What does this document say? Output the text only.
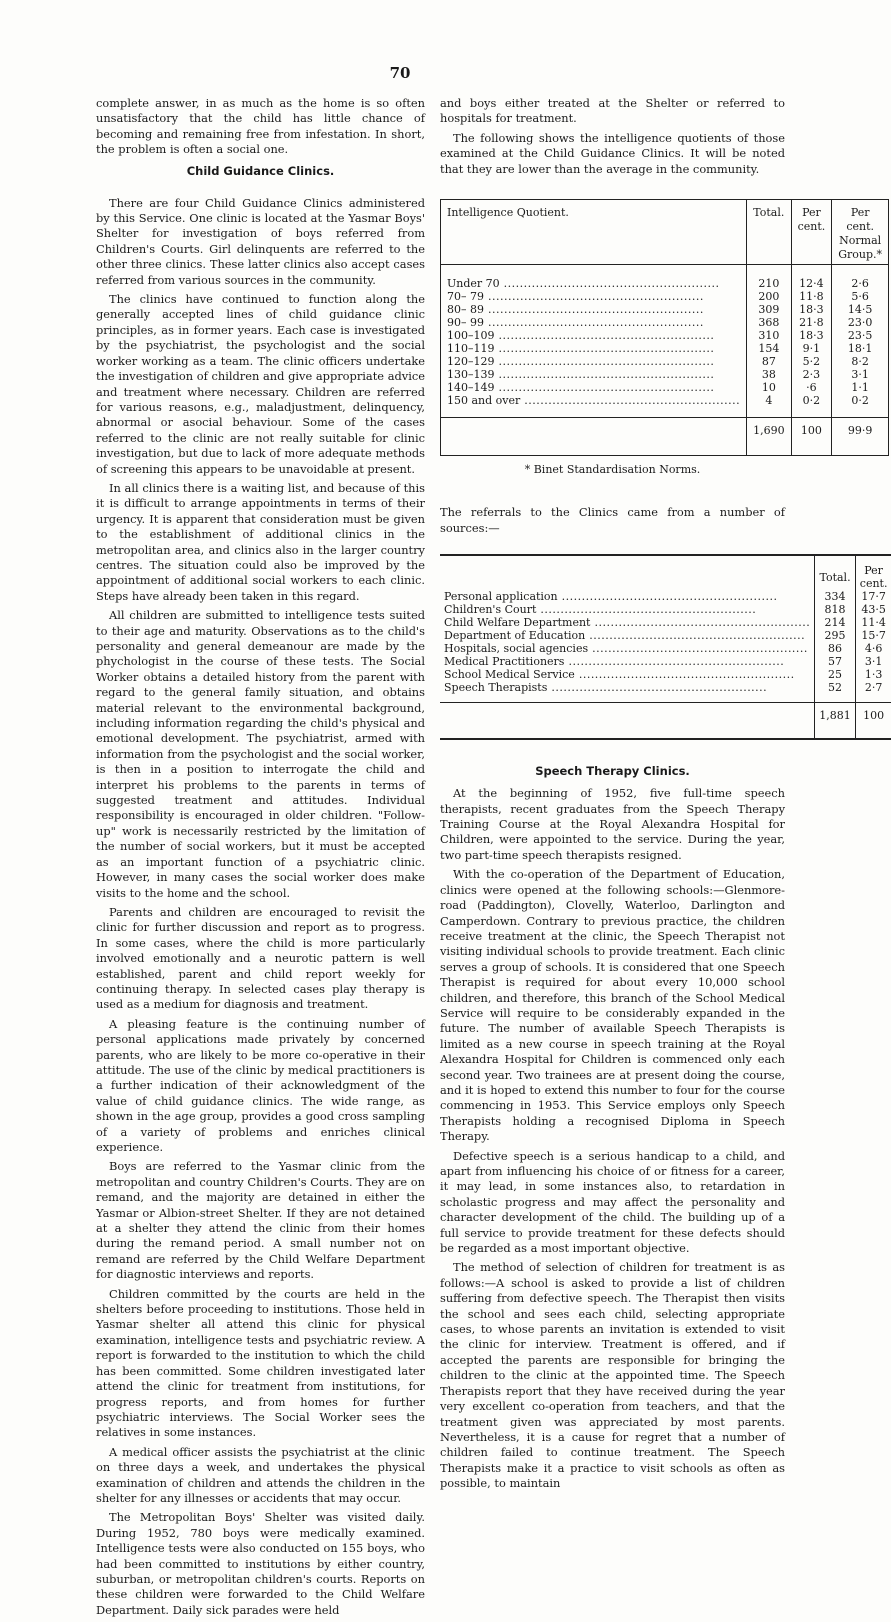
70

complete answer, in as much as the home is so often unsatisfactory that the child has little chance of becoming and remaining free from infestation. In short, the problem is often a social one.

Child Guidance Clinics.

There are four Child Guidance Clinics administered by this Service. One clinic is located at the Yasmar Boys' Shelter for investigation of boys referred from Children's Courts. Girl delinquents are referred to the other three clinics. These latter clinics also accept cases referred from various sources in the community.

The clinics have continued to function along the generally accepted lines of child guidance clinic principles, as in former years. Each case is investigated by the psychiatrist, the psychologist and the social worker working as a team. The clinic officers undertake the investigation of children and give appropriate advice and treatment where necessary. Children are referred for various reasons, e.g., maladjustment, delinquency, abnormal or asocial behaviour. Some of the cases referred to the clinic are not really suitable for clinic investigation, but due to lack of more adequate methods of screening this appears to be unavoidable at present.

In all clinics there is a waiting list, and because of this it is difficult to arrange appointments in terms of their urgency. It is apparent that consideration must be given to the establishment of additional clinics in the metropolitan area, and clinics also in the larger country centres. The situation could also be improved by the appointment of additional social workers to each clinic. Steps have already been taken in this regard.

All children are submitted to intelligence tests suited to their age and maturity. Observations as to the child's personality and general demeanour are made by the phychologist in the course of these tests. The Social Worker obtains a detailed history from the parent with regard to the general family situation, and obtains material relevant to the environmental background, including information regarding the child's physical and emotional development. The psychiatrist, armed with information from the psychologist and the social worker, is then in a position to interrogate the child and interpret his problems to the parents in terms of suggested treatment and attitudes. Individual responsibility is encouraged in older children. "Follow-up" work is necessarily restricted by the limitation of the number of social workers, but it must be accepted as an important function of a psychiatric clinic. However, in many cases the social worker does make visits to the home and the school.

Parents and children are encouraged to revisit the clinic for further discussion and report as to progress. In some cases, where the child is more particularly involved emotionally and a neurotic pattern is well established, parent and child report weekly for continuing therapy. In selected cases play therapy is used as a medium for diagnosis and treatment.

A pleasing feature is the continuing number of personal applications made privately by concerned parents, who are likely to be more co-operative in their attitude. The use of the clinic by medical practitioners is a further indication of their acknowledgment of the value of child guidance clinics. The wide range, as shown in the age group, provides a good cross sampling of a variety of problems and enriches clinical experience.

Boys are referred to the Yasmar clinic from the metropolitan and country Children's Courts. They are on remand, and the majority are detained in either the Yasmar or Albion-street Shelter. If they are not detained at a shelter they attend the clinic from their homes during the remand period. A small number not on remand are referred by the Child Welfare Department for diagnostic interviews and reports.

Children committed by the courts are held in the shelters before proceeding to institutions. Those held in Yasmar shelter all attend this clinic for physical examination, intelligence tests and psychiatric review. A report is forwarded to the institution to which the child has been committed. Some children investigated later attend the clinic for treatment from institutions, for progress reports, and from homes for further psychiatric interviews. The Social Worker sees the relatives in some instances.

A medical officer assists the psychiatrist at the clinic on three days a week, and undertakes the physical examination of children and attends the children in the shelter for any illnesses or accidents that may occur.

The Metropolitan Boys' Shelter was visited daily. During 1952, 780 boys were medically examined. Intelligence tests were also conducted on 155 boys, who had been committed to institutions by either country, suburban, or metropolitan children's courts. Reports on these children were forwarded to the Child Welfare Department. Daily sick parades were held

and boys either treated at the Shelter or referred to hospitals for treatment.

The following shows the intelligence quotients of those examined at the Child Guidance Clinics. It will be noted that they are lower than the average in the community.

Intelligence Quotient.	Total.	Per cent.	Per cent. Normal Group.*

Under 70 .....	210	12·4	2·6

70– 79 .....	200	11·8	5·6

80– 89 .....	309	18·3	14·5

90– 99 .....	368	21·8	23·0

100–109 .....	310	18·3	23·5

110–119 .....	154	9·1	18·1

120–129 .....	87	5·2	8·2

130–139 .....	38	2·3	3·1

140–149 .....	10	·6	1·1

150 and over .....	4	0·2	0·2
	1,690	100	99·9

* Binet Standardisation Norms.

The referrals to the Clinics came from a number of sources:—

	Total.	Per cent.

Personal application .....	334	17·7

Children's Court .....	818	43·5

Child Welfare Department .....	214	11·4

Department of Education .....	295	15·7

Hospitals, social agencies .....	86	4·6

Medical Practitioners .....	57	3·1

School Medical Service .....	25	1·3

Speech Therapists .....	52	2·7
	1,881	100
Speech Therapy Clinics.

At the beginning of 1952, five full-time speech therapists, recent graduates from the Speech Therapy Training Course at the Royal Alexandra Hospital for Children, were appointed to the service. During the year, two part-time speech therapists resigned.

With the co-operation of the Department of Education, clinics were opened at the following schools:—Glenmore-road (Paddington), Clovelly, Waterloo, Darlington and Camperdown. Contrary to previous practice, the children receive treatment at the clinic, the Speech Therapist not visiting individual schools to provide treatment. Each clinic serves a group of schools. It is considered that one Speech Therapist is required for about every 10,000 school children, and therefore, this branch of the School Medical Service will require to be considerably expanded in the future. The number of available Speech Therapists is limited as a new course in speech training at the Royal Alexandra Hospital for Children is commenced only each second year. Two trainees are at present doing the course, and it is hoped to extend this number to four for the course commencing in 1953. This Service employs only Speech Therapists holding a recognised Diploma in Speech Therapy.

Defective speech is a serious handicap to a child, and apart from influencing his choice of or fitness for a career, it may lead, in some instances also, to retardation in scholastic progress and may affect the personality and character development of the child. The building up of a full service to provide treatment for these defects should be regarded as a most important objective.

The method of selection of children for treatment is as follows:—A school is asked to provide a list of children suffering from defective speech. The Therapist then visits the school and sees each child, selecting appropriate cases, to whose parents an invitation is extended to visit the clinic for interview. Treatment is offered, and if accepted the parents are responsible for bringing the children to the clinic at the appointed time. The Speech Therapists report that they have received during the year very excellent co-operation from teachers, and that the treatment given was appreciated by most parents. Nevertheless, it is a cause for regret that a number of children failed to continue treatment. The Speech Therapists make it a practice to visit schools as often as possible, to maintain
